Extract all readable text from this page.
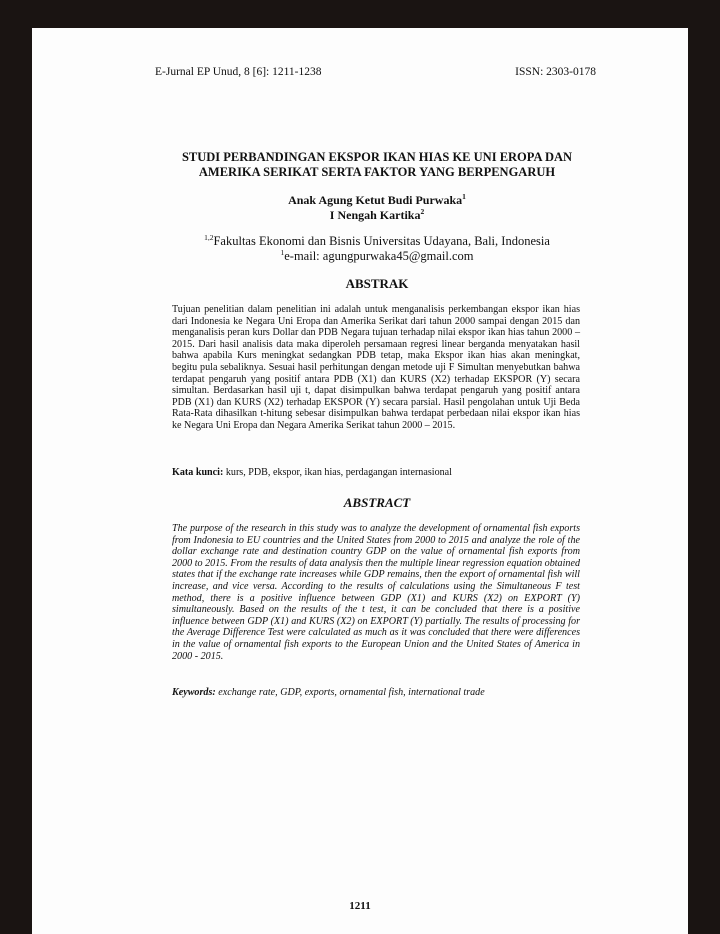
E-Jurnal EP Unud, 8 [6]: 1211-1238	ISSN: 2303-0178
STUDI PERBANDINGAN EKSPOR IKAN HIAS KE UNI EROPA DAN
AMERIKA SERIKAT SERTA FAKTOR YANG BERPENGARUH
Anak Agung Ketut Budi Purwaka$^1$
I Nengah Kartika$^2$
$^{1,2}$Fakultas Ekonomi dan Bisnis Universitas Udayana, Bali, Indonesia
$^1$e-mail: agungpurwaka45@gmail.com
ABSTRAK
Tujuan penelitian dalam penelitian ini adalah untuk menganalisis perkembangan ekspor ikan hias dari Indonesia ke Negara Uni Eropa dan Amerika Serikat dari tahun 2000 sampai dengan 2015 dan menganalisis peran kurs Dollar dan PDB Negara tujuan terhadap nilai ekspor ikan hias tahun 2000 – 2015. Dari hasil analisis data maka diperoleh persamaan regresi linear berganda menyatakan hasil bahwa apabila Kurs meningkat sedangkan PDB tetap, maka Ekspor ikan hias akan meningkat, begitu pula sebaliknya. Sesuai hasil perhitungan dengan metode uji F Simultan menyebutkan bahwa terdapat pengaruh yang positif antara PDB (X1) dan KURS (X2) terhadap EKSPOR (Y) secara simultan. Berdasarkan hasil uji t, dapat disimpulkan bahwa terdapat pengaruh yang positif antara PDB (X1) dan KURS (X2) terhadap EKSPOR (Y) secara parsial. Hasil pengolahan untuk Uji Beda Rata-Rata dihasilkan t-hitung sebesar disimpulkan bahwa terdapat perbedaan nilai ekspor ikan hias ke Negara Uni Eropa dan Negara Amerika Serikat tahun 2000 – 2015.
Kata kunci: kurs, PDB, ekspor, ikan hias, perdagangan internasional
ABSTRACT
The purpose of the research in this study was to analyze the development of ornamental fish exports from Indonesia to EU countries and the United States from 2000 to 2015 and analyze the role of the dollar exchange rate and destination country GDP on the value of ornamental fish exports from 2000 to 2015. From the results of data analysis then the multiple linear regression equation obtained states that if the exchange rate increases while GDP remains, then the export of ornamental fish will increase, and vice versa. According to the results of calculations using the Simultaneous F test method, there is a positive influence between GDP (X1) and KURS (X2) on EXPORT (Y) simultaneously. Based on the results of the t test, it can be concluded that there is a positive influence between GDP (X1) and KURS (X2) on EXPORT (Y) partially. The results of processing for the Average Difference Test were calculated as much as it was concluded that there were differences in the value of ornamental fish exports to the European Union and the United States of America in 2000 - 2015.
Keywords: exchange rate, GDP, exports, ornamental fish, international trade
1211
